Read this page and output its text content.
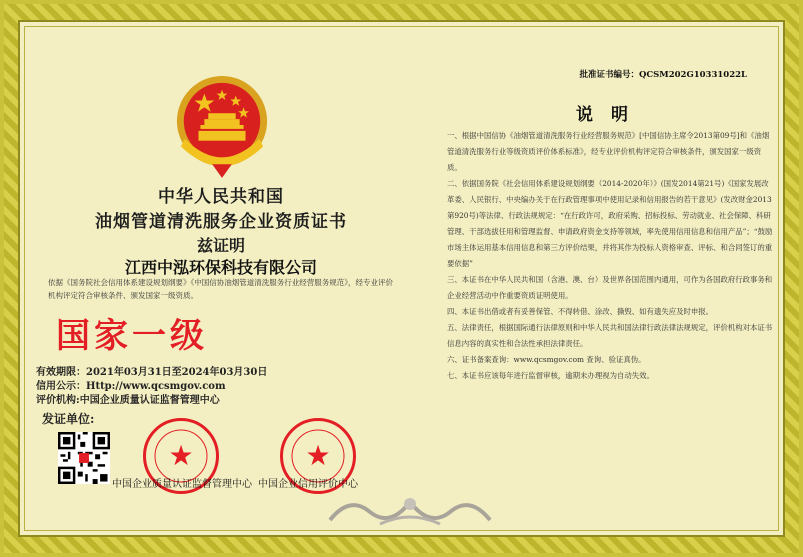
中华人民共和国
油烟管道清洗服务企业资质证书
兹证明
江西中泓环保科技有限公司
依据《国务院社会信用体系建设规划纲要》《中国信协油烟管道清洗服务行业经营服务规范》，经专业评价机构评定符合审核条件、颁发国家一级资质。
国家一级
有效期限：2021年03月31日至2024年03月30日
信用公示：Http://www.qcsmgov.com
评价机构:中国企业质量认证监督管理中心
发证单位:
★	★
中国企业质量认证监督管理中心 中国企业信用评价中心
批准证书编号：QCSM202G10331022L
说明

一、根据中国信协《油烟管道清洗服务行业经营服务规范》[中国信协主席令2013第09号]和《油烟管道清洗服务行业等级资质评价体系标准》，经专业评价机构评定符合审核条件，颁发国家一级资质。

二、依据国务院《社会信用体系建设规划纲要（2014-2020年）》(国发2014第21号)《国家发展改革委、人民银行、中央编办关于在行政管理事项中使用记录和信用报告的若干意见》(发改财金2013第920号)等法律、行政法规规定：“在行政许可，政府采购、招标投标、劳动就业、社会保障、科研管理、干部选拔任用和管理监督、申请政府资金支持等领域，率先使用信用信息和信用产品”；“鼓励市场主体运用基本信用信息和第三方评价结果，并将其作为投标人资格审查、评标、和合同签订的重要依据”

三、本证书在中华人民共和国（含港、澳、台）及世界各国范围内通用，可作为各国政府行政事务和企业经营活动中作重要资质证明使用。

四、本证书出借或者有妥善保管、不得转借、涂改、撕毁、如有遗失应及时申报。

五、法律责任，根据国际通行法律原则和中华人民共和国法律行政法律法规规定，评价机构对本证书信息内容的真实性和合法性承担法律责任。

六、证书备案查询：www.qcsmgov.com 查询、验证真伪。

七、本证书应该每年进行监督审核，逾期未办理视为自动失效。
